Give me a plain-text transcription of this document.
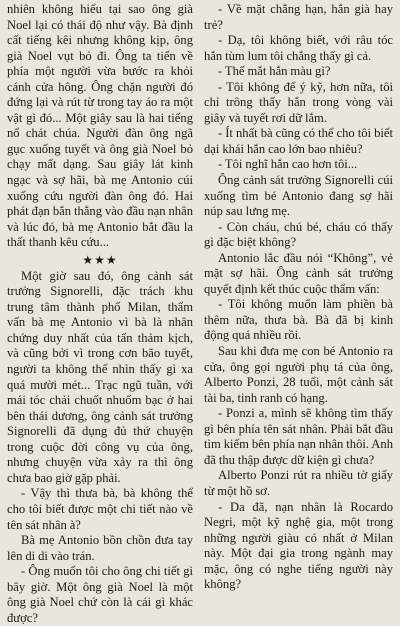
nhiên không hiểu tại sao ông già Noel lại có thái độ như vậy. Bà định cất tiếng kêi nhưng không kịp, ông già Noel vụt bỏ đi. Ông ta tiến về phía một người vừa bước ra khỏi cánh cửa hông. Ông chặn người đó đứng lại và rút từ trong tay áo ra một vật gì đó... Một giây sau là hai tiếng nổ chát chúa. Người đàn ông ngã gục xuống tuyết và ông già Noel bỏ chạy mất dạng. Sau giây lát kinh ngạc và sợ hãi, bà mẹ Antonio cúi xuống cứu người đàn ông đó. Hai phát đạn bắn thẳng vào đầu nạn nhân và lúc đó, bà mẹ Antonio bắt đầu la thất thanh kêu cứu...

★★★

Một giờ sau đó, ông cảnh sát trưởng Signorelli, đặc trách khu trung tâm thành phố Milan, thẩm vấn bà mẹ Antonio vì bà là nhân chứng duy nhất của tấn thảm kịch, và cũng bởi vì trong cơn bão tuyết, người ta không thể nhìn thấy gì xa quá mười mét... Trạc ngũ tuần, với mái tóc chải chuốt nhuốm bạc ở hai bên thái dương, ông cảnh sát trưởng Signorelli đã dụng đủ thứ chuyện trong cuộc đời công vụ của ông, nhưng chuyện vừa xảy ra thì ông chưa bao giờ gặp phải.

- Vậy thì thưa bà, bà không thể cho tôi biết được một chi tiết nào về tên sát nhân à?

Bà mẹ Antonio bồn chồn đưa tay lên di di vào trán.

- Ông muốn tôi cho ông chi tiết gì bây giờ. Một ông già Noel là một ông già Noel chứ còn là cái gì khác được?

- Về mặt chẳng hạn, hắn già hay trẻ?

- Dạ, tôi không biết, với râu tóc hắn tùm lum tôi chẳng thấy gì cả.

- Thế mắt hắn màu gì?

- Tôi không để ý kỹ, hơn nữa, tôi chỉ trông thấy hắn trong vòng vài giây và tuyết rơi dữ lắm.

- Ít nhất bà cũng có thể cho tôi biết dại khái hắn cao lớn bao nhiêu?

- Tôi nghĩ hắn cao hơn tôi...

Ông cảnh sát trưởng Signorelli cúi xuống tìm bé Antonio đang sợ hãi núp sau lưng mẹ.

- Còn cháu, chú bé, cháu có thấy gì đặc biệt không?

Antonio lắc đầu nói “Không”, vẻ mặt sợ hãi. Ông cảnh sát trưởng quyết định kết thúc cuộc thẩm vấn:

- Tôi không muốn làm phiền bà thêm nữa, thưa bà. Bà đã bị kinh động quá nhiều rồi.

Sau khi đưa mẹ con bé Antonio ra cửa, ông gọi người phụ tá của ông, Alberto Ponzi, 28 tuổi, một cảnh sát tài ba, tinh ranh có hạng.

- Ponzi a, mình sẽ không tìm thấy gì bên phía tên sát nhân. Phải bắt đầu tìm kiếm bên phía nạn nhân thôi. Anh đã thu thập được dữ kiện gì chưa?

Alberto Ponzi rút ra nhiều tờ giấy từ một hồ sơ.

- Da đã, nạn nhân là Rocardo Negri, một kỹ nghệ gia, một trong những người giàu có nhất ở Milan này. Một đại gia trong ngành may mặc, ông có nghe tiếng người này không?
